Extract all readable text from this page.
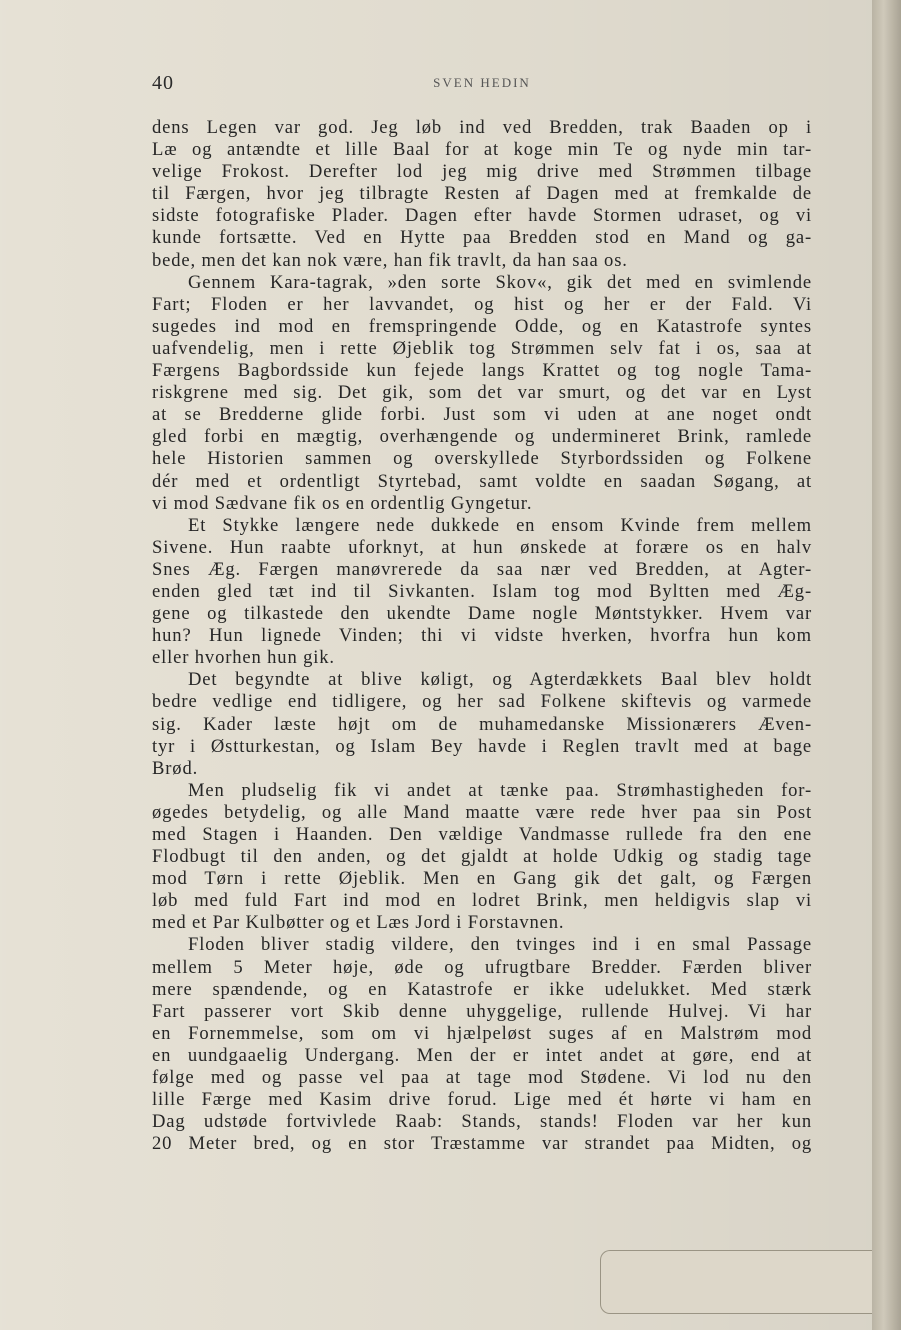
40	SVEN HEDIN
dens Legen var god. Jeg løb ind ved Bredden, trak Baaden op i
Læ og antændte et lille Baal for at koge min Te og nyde min tar-
velige Frokost. Derefter lod jeg mig drive med Strømmen tilbage
til Færgen, hvor jeg tilbragte Resten af Dagen med at fremkalde de
sidste fotografiske Plader. Dagen efter havde Stormen udraset, og vi
kunde fortsætte. Ved en Hytte paa Bredden stod en Mand og ga-
bede, men det kan nok være, han fik travlt, da han saa os.
Gennem Kara-tagrak, »den sorte Skov«, gik det med en svimlende
Fart; Floden er her lavvandet, og hist og her er der Fald. Vi
sugedes ind mod en fremspringende Odde, og en Katastrofe syntes
uafvendelig, men i rette Øjeblik tog Strømmen selv fat i os, saa at
Færgens Bagbordsside kun fejede langs Krattet og tog nogle Tama-
riskgrene med sig. Det gik, som det var smurt, og det var en Lyst
at se Bredderne glide forbi. Just som vi uden at ane noget ondt
gled forbi en mægtig, overhængende og undermineret Brink, ramlede
hele Historien sammen og overskyllede Styrbordssiden og Folkene
dér med et ordentligt Styrtebad, samt voldte en saadan Søgang, at
vi mod Sædvane fik os en ordentlig Gyngetur.
Et Stykke længere nede dukkede en ensom Kvinde frem mellem
Sivene. Hun raabte uforknyt, at hun ønskede at forære os en halv
Snes Æg. Færgen manøvrerede da saa nær ved Bredden, at Agter-
enden gled tæt ind til Sivkanten. Islam tog mod Byltten med Æg-
gene og tilkastede den ukendte Dame nogle Møntstykker. Hvem var
hun? Hun lignede Vinden; thi vi vidste hverken, hvorfra hun kom
eller hvorhen hun gik.
Det begyndte at blive køligt, og Agterdækkets Baal blev holdt
bedre vedlige end tidligere, og her sad Folkene skiftevis og varmede
sig. Kader læste højt om de muhamedanske Missionærers Æven-
tyr i Østturkestan, og Islam Bey havde i Reglen travlt med at bage
Brød.
Men pludselig fik vi andet at tænke paa. Strømhastigheden for-
øgedes betydelig, og alle Mand maatte være rede hver paa sin Post
med Stagen i Haanden. Den vældige Vandmasse rullede fra den ene
Flodbugt til den anden, og det gjaldt at holde Udkig og stadig tage
mod Tørn i rette Øjeblik. Men en Gang gik det galt, og Færgen
løb med fuld Fart ind mod en lodret Brink, men heldigvis slap vi
med et Par Kulbøtter og et Læs Jord i Forstavnen.
Floden bliver stadig vildere, den tvinges ind i en smal Passage
mellem 5 Meter høje, øde og ufrugtbare Bredder. Færden bliver
mere spændende, og en Katastrofe er ikke udelukket. Med stærk
Fart passerer vort Skib denne uhyggelige, rullende Hulvej. Vi har
en Fornemmelse, som om vi hjælpeløst suges af en Malstrøm mod
en uundgaaelig Undergang. Men der er intet andet at gøre, end at
følge med og passe vel paa at tage mod Stødene. Vi lod nu den
lille Færge med Kasim drive forud. Lige med ét hørte vi ham en
Dag udstøde fortvivlede Raab: Stands, stands! Floden var her kun
20 Meter bred, og en stor Træstamme var strandet paa Midten, og
